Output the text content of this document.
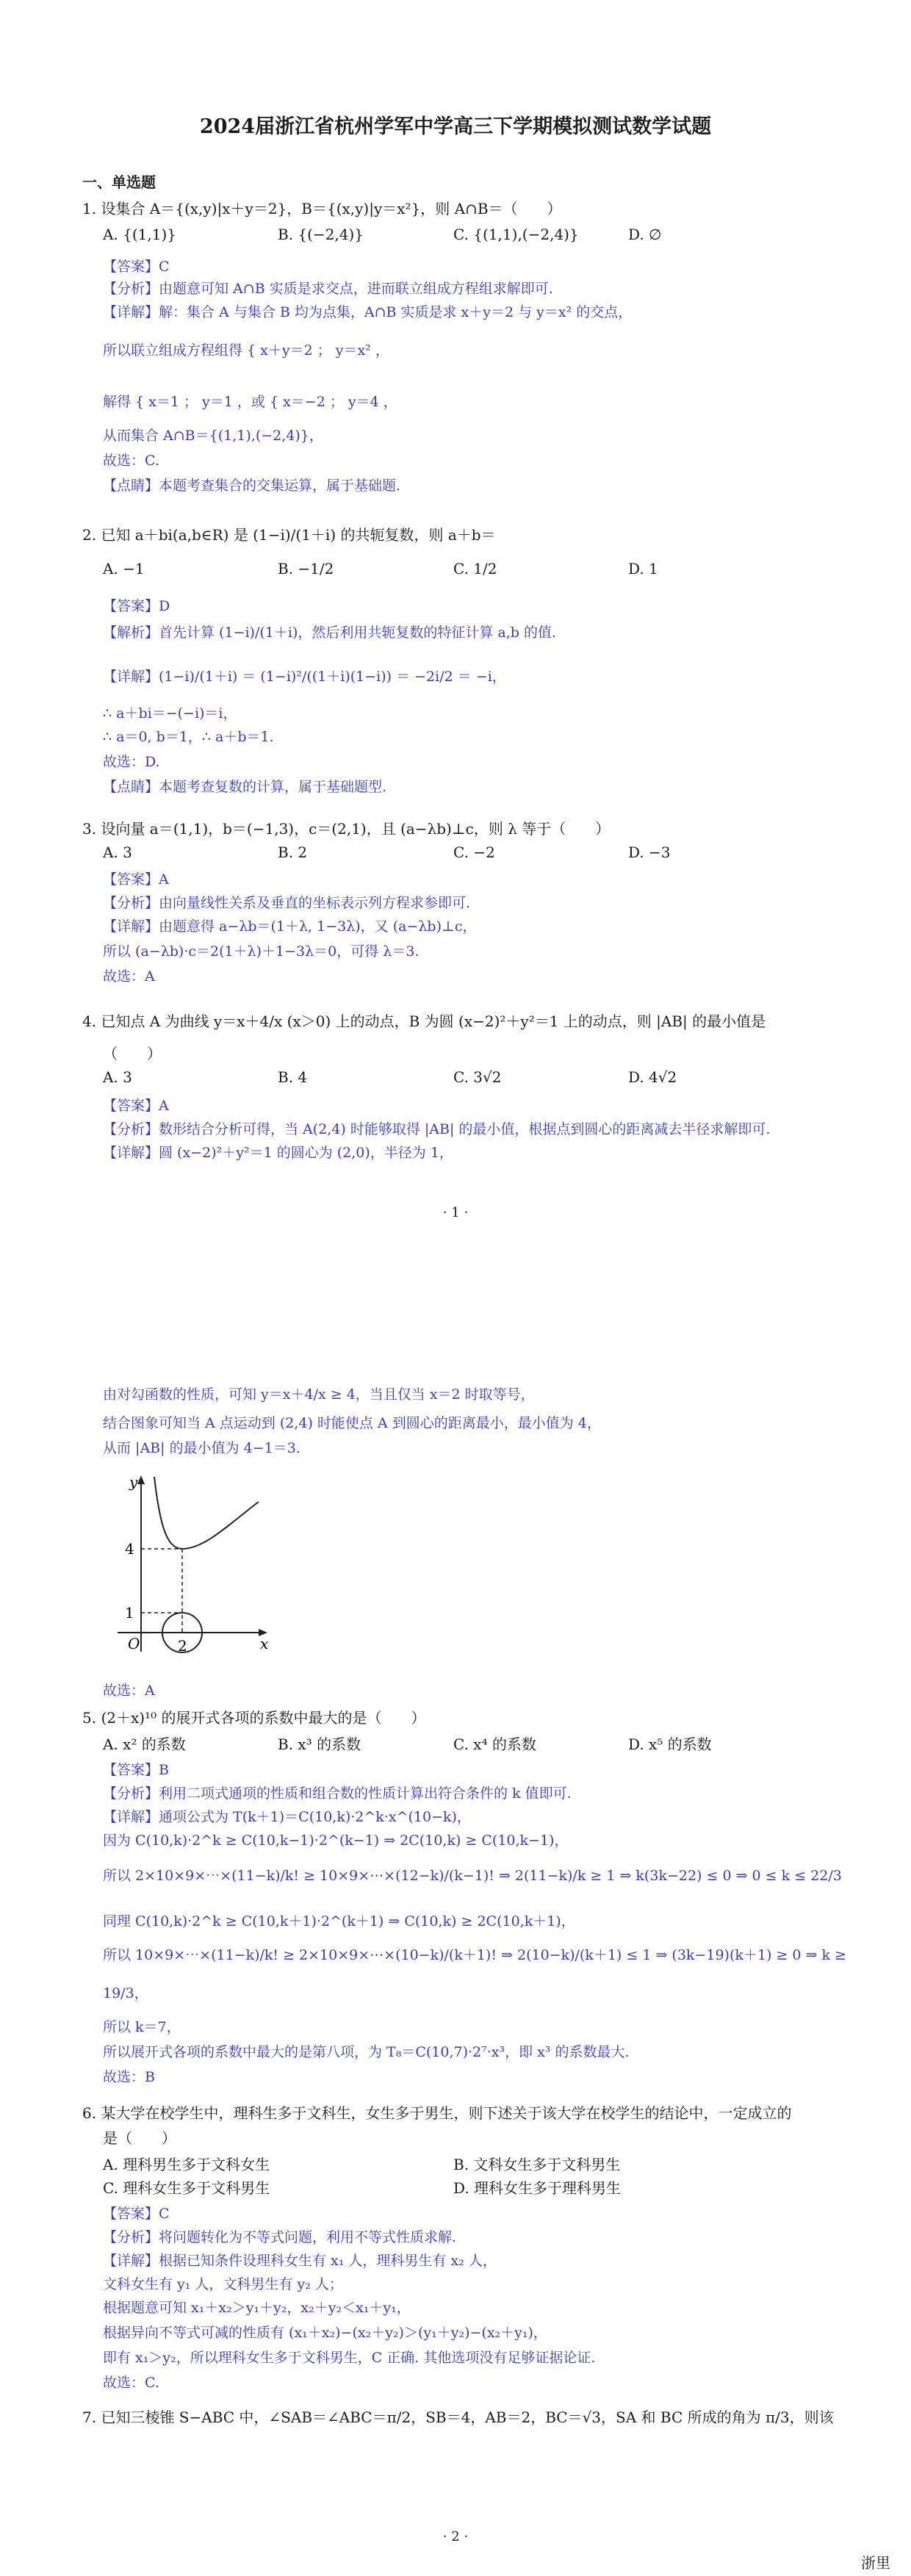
2024届浙江省杭州学军中学高三下学期模拟测试数学试题
一、单选题
1. 设集合 A＝{(x,y)|x＋y＝2}，B＝{(x,y)|y＝x²}，则 A∩B＝（　　）
A. {(1,1)}	B. {(−2,4)}	C. {(1,1),(−2,4)}	D. ∅
【答案】C
【分析】由题意可知 A∩B 实质是求交点，进而联立组成方程组求解即可.
【详解】解：集合 A 与集合 B 均为点集，A∩B 实质是求 x＋y＝2 与 y＝x² 的交点，
所以联立组成方程组得 { x＋y＝2 ； y＝x² ，
解得 { x＝1 ； y＝1 ，或 { x＝−2 ； y＝4 ，
从而集合 A∩B＝{(1,1),(−2,4)}，
故选：C.
【点睛】本题考查集合的交集运算，属于基础题.
2. 已知 a＋bi(a,b∈R) 是 (1−i)/(1＋i) 的共轭复数，则 a＋b＝
A. −1	B. −1/2	C. 1/2	D. 1
【答案】D
【解析】首先计算 (1−i)/(1＋i)，然后利用共轭复数的特征计算 a,b 的值.
【详解】(1−i)/(1＋i) ＝ (1−i)²/((1＋i)(1−i)) ＝ −2i/2 ＝ −i，
∴ a＋bi＝−(−i)＝i，
∴ a＝0, b＝1，∴ a＋b＝1.
故选：D.
【点睛】本题考查复数的计算，属于基础题型.
3. 设向量 a＝(1,1)，b＝(−1,3)，c＝(2,1)，且 (a−λb)⊥c，则 λ 等于（　　）
A. 3	B. 2	C. −2	D. −3
【答案】A
【分析】由向量线性关系及垂直的坐标表示列方程求参即可.
【详解】由题意得 a−λb＝(1＋λ, 1−3λ)，又 (a−λb)⊥c，
所以 (a−λb)·c＝2(1＋λ)＋1−3λ＝0，可得 λ＝3.
故选：A
4. 已知点 A 为曲线 y＝x＋4/x (x＞0) 上的动点，B 为圆 (x−2)²＋y²＝1 上的动点，则 |AB| 的最小值是
（　　）
A. 3	B. 4	C. 3√2	D. 4√2
【答案】A
【分析】数形结合分析可得，当 A(2,4) 时能够取得 |AB| 的最小值，根据点到圆心的距离减去半径求解即可.
【详解】圆 (x−2)²＋y²＝1 的圆心为 (2,0)，半径为 1，
· 1 ·
由对勾函数的性质，可知 y＝x＋4/x ≥ 4，当且仅当 x＝2 时取等号，
结合图象可知当 A 点运动到 (2,4) 时能使点 A 到圆心的距离最小，最小值为 4，
从而 |AB| 的最小值为 4−1＝3.
y
x
O
4
1
2
故选：A
5. (2＋x)¹⁰ 的展开式各项的系数中最大的是（　　）
A. x² 的系数	B. x³ 的系数	C. x⁴ 的系数	D. x⁵ 的系数
【答案】B
【分析】利用二项式通项的性质和组合数的性质计算出符合条件的 k 值即可.
【详解】通项公式为 T(k＋1)＝C(10,k)·2^k·x^(10−k)，
因为 C(10,k)·2^k ≥ C(10,k−1)·2^(k−1) ⇒ 2C(10,k) ≥ C(10,k−1)，
所以 2×10×9×⋯×(11−k)/k! ≥ 10×9×⋯×(12−k)/(k−1)! ⇒ 2(11−k)/k ≥ 1 ⇒ k(3k−22) ≤ 0 ⇒ 0 ≤ k ≤ 22/3
同理 C(10,k)·2^k ≥ C(10,k＋1)·2^(k＋1) ⇒ C(10,k) ≥ 2C(10,k＋1)，
所以 10×9×⋯×(11−k)/k! ≥ 2×10×9×⋯×(10−k)/(k＋1)! ⇒ 2(10−k)/(k＋1) ≤ 1 ⇒ (3k−19)(k＋1) ≥ 0 ⇒ k ≥
19/3，
所以 k＝7，
所以展开式各项的系数中最大的是第八项，为 T₈＝C(10,7)·2⁷·x³，即 x³ 的系数最大.
故选：B
6. 某大学在校学生中，理科生多于文科生，女生多于男生，则下述关于该大学在校学生的结论中，一定成立的
是（　　）
A. 理科男生多于文科女生	B. 文科女生多于文科男生
C. 理科女生多于文科男生	D. 理科女生多于理科男生
【答案】C
【分析】将问题转化为不等式问题，利用不等式性质求解.
【详解】根据已知条件设理科女生有 x₁ 人，理科男生有 x₂ 人，
文科女生有 y₁ 人，文科男生有 y₂ 人；
根据题意可知 x₁＋x₂＞y₁＋y₂，x₂＋y₂＜x₁＋y₁，
根据异向不等式可减的性质有 (x₁＋x₂)−(x₂＋y₂)＞(y₁＋y₂)−(x₂＋y₁)，
即有 x₁＞y₂，所以理科女生多于文科男生，C 正确. 其他选项没有足够证据论证.
故选：C.
7. 已知三棱锥 S−ABC 中，∠SAB＝∠ABC＝π/2，SB＝4，AB＝2，BC＝√3，SA 和 BC 所成的角为 π/3，则该
· 2 ·
浙里
